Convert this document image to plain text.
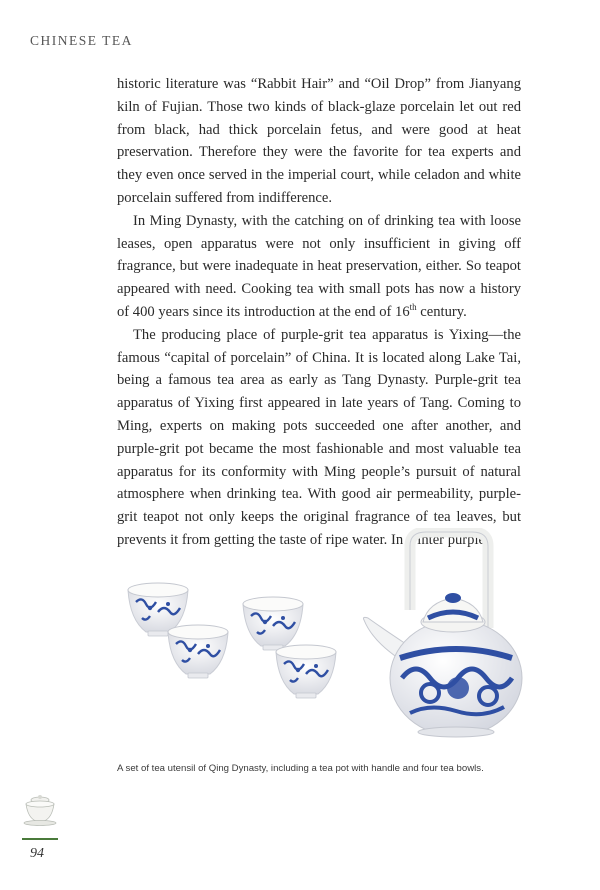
CHINESE TEA

historic literature was “Rabbit Hair” and “Oil Drop” from Jianyang kiln of Fujian. Those two kinds of black-glaze porcelain let out red from black, had thick porcelain fetus, and were good at heat preservation. Therefore they were the favorite for tea experts and they even once served in the imperial court, while celadon and white porcelain suffered from indifference.

In Ming Dynasty, with the catching on of drinking tea with loose leases, open apparatus were not only insufficient in giving off fragrance, but were inadequate in heat preservation, either. So teapot appeared with need. Cooking tea with small pots has now a history of 400 years since its introduction at the end of 16th century.

The producing place of purple-grit tea apparatus is Yixing—the famous “capital of porcelain” of China. It is located along Lake Tai, being a famous tea area as early as Tang Dynasty. Purple-grit tea apparatus of Yixing first appeared in late years of Tang. Coming to Ming, experts on making pots succeeded one after another, and purple-grit pot became the most fashionable and most valuable tea apparatus for its conformity with Ming people’s pursuit of natural atmosphere when drinking tea. With good air permeability, purple-grit teapot not only keeps the original fragrance of tea leaves, but prevents it from getting the taste of ripe water. In winter purple-

A set of tea utensil of Qing Dynasty, including a tea pot with handle and four tea bowls.
94
